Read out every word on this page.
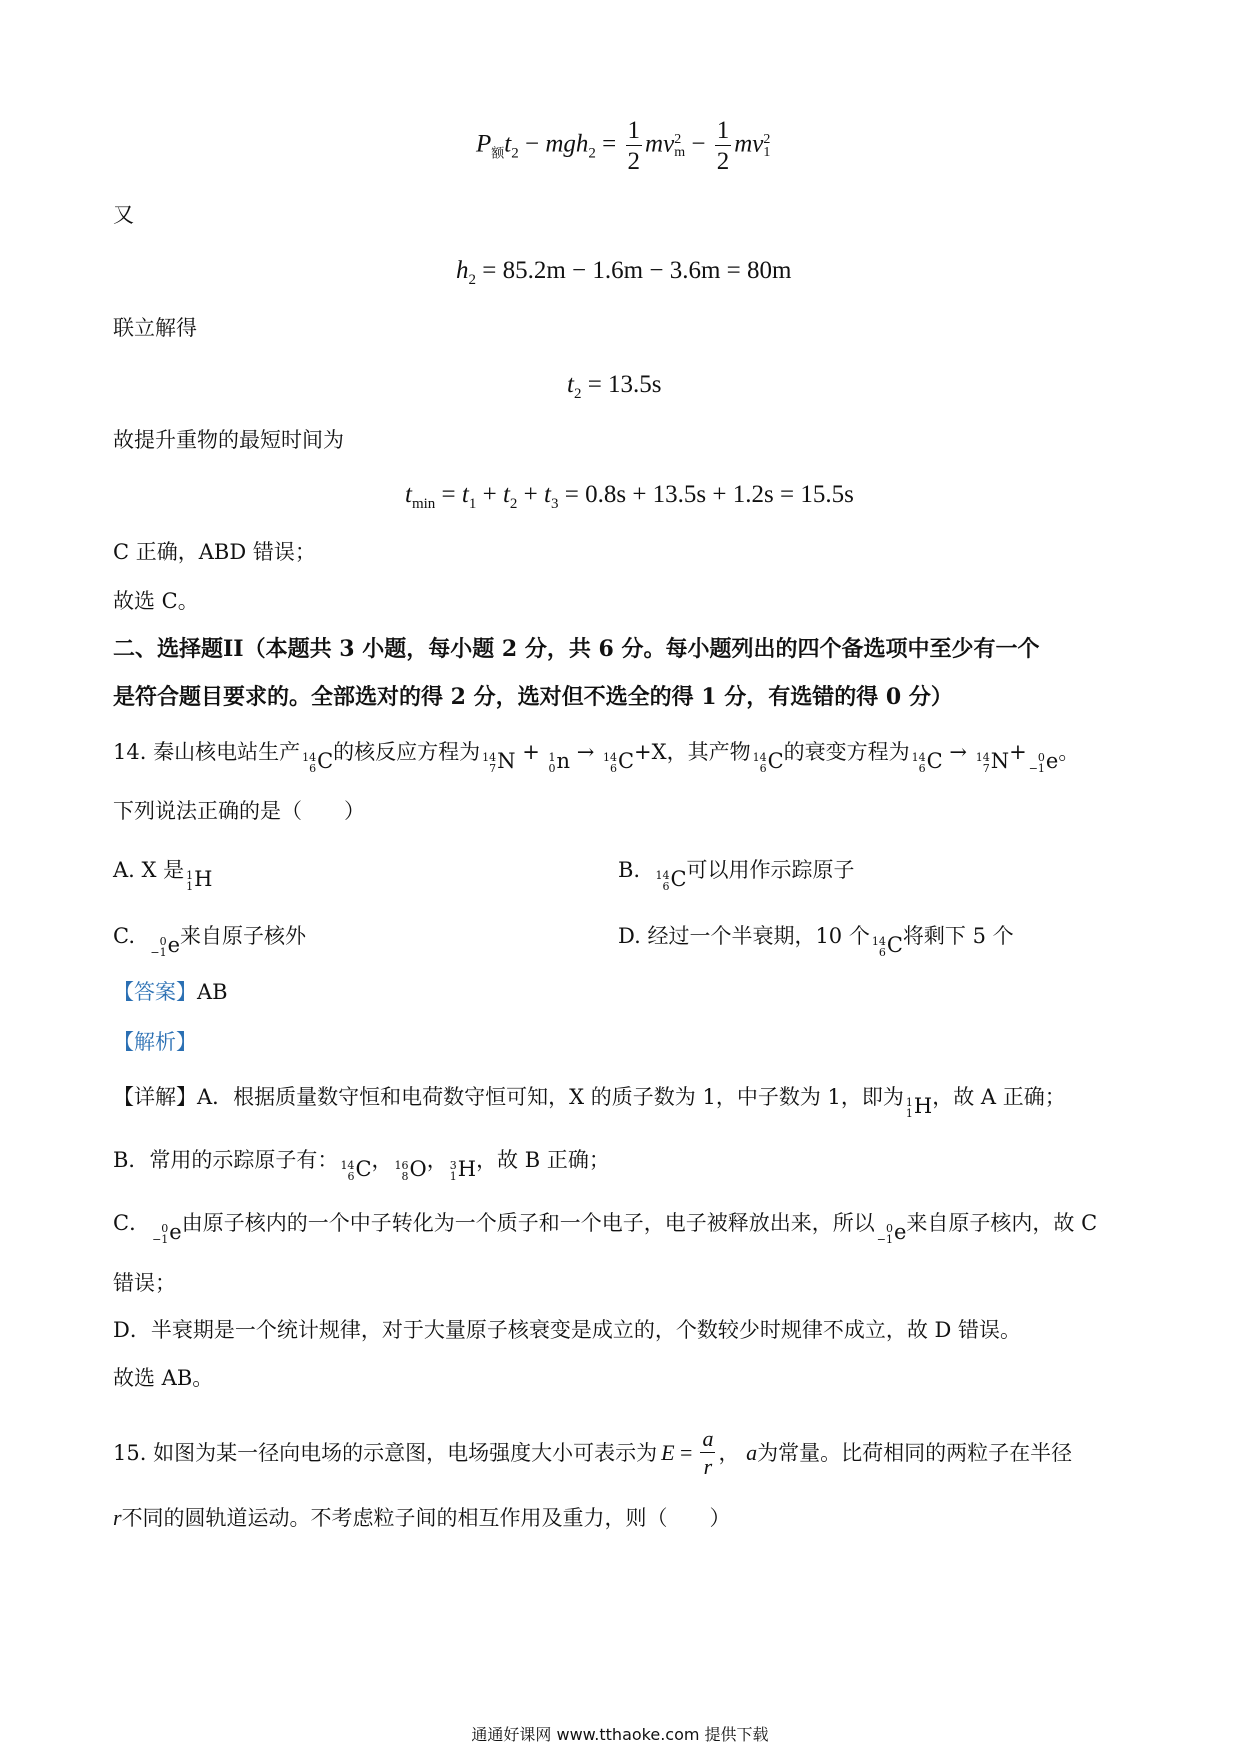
$P_额t_2 - mgh_2 = \frac{1}{2}$ mv 2
$m - \frac{1}{2}$ mv 2
1
又
$h_2 = 85.2m - 1.6m - 3.6m = 80m$
联立解得
$t_2 = 13.5s$
故提升重物的最短时间为
$t_{min} = t_1 + t_2 + t_3 = 0.8s + 13.5s + 1.2s = 15.5s$
C 正确，ABD 错误；
故选 C。
二、选择题II（本题共 3 小题，每小题 2 分，共 6 分。每小题列出的四个备选项中至少有一个
是符合题目要求的。全部选对的得 2 分，选对但不选全的得 1 分，有选错的得 0 分）
14. 秦山核电站生产 14
6 C 的核反应方程为 14
7 N + 1
0 n → 14
6 C +X，其产物 14
6 C 的衰变方程为 14
6 C → 14
7 N + 0
−1 e 。
下列说法正确的是（　　）
A. X 是 1
1 H	B. 14
6 C 可以用作示踪原子
C. 0
−1 e 来自原子核外	D. 经过一个半衰期，10 个 14
6 C 将剩下 5 个
【答案】AB
【解析】
【详解】A．根据质量数守恒和电荷数守恒可知，X 的质子数为 1，中子数为 1，即为 1
1 H ，故 A 正确；
B．常用的示踪原子有： 14
6 C ， 16
8 O ， 3
1 H ，故 B 正确；
C． 0
−1 e 由原子核内的一个中子转化为一个质子和一个电子，电子被释放出来，所以 0
−1 e 来自原子核内，故 C
错误；
D．半衰期是一个统计规律，对于大量原子核衰变是成立的，个数较少时规律不成立，故 D 错误。
故选 AB。
15. 如图为某一径向电场的示意图，电场强度大小可表示为 $E = \frac{a}{r}$ ， a 为常量。比荷相同的两粒子在半径
r不同的圆轨道运动。不考虑粒子间的相互作用及重力，则（　　）
通通好课网 www.tthaoke.com 提供下载
